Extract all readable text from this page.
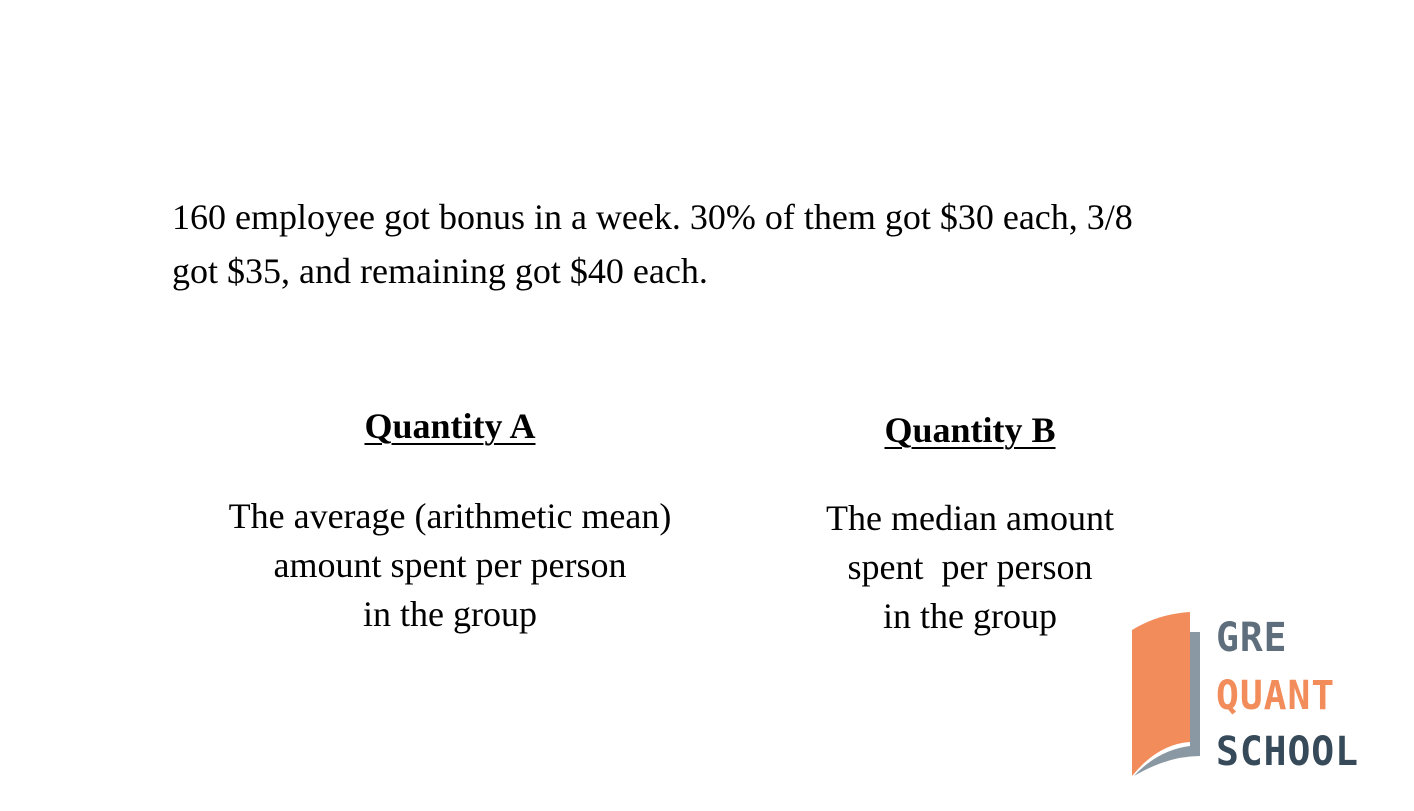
160 employee got bonus in a week. 30% of them got $30 each, 3/8

got $35, and remaining got $40 each.

Quantity A
The average (arithmetic mean)
amount spent per person
in the group
Quantity B
The median amount
spent  per person
in the group	GRE
QUANT
SCHOOL
